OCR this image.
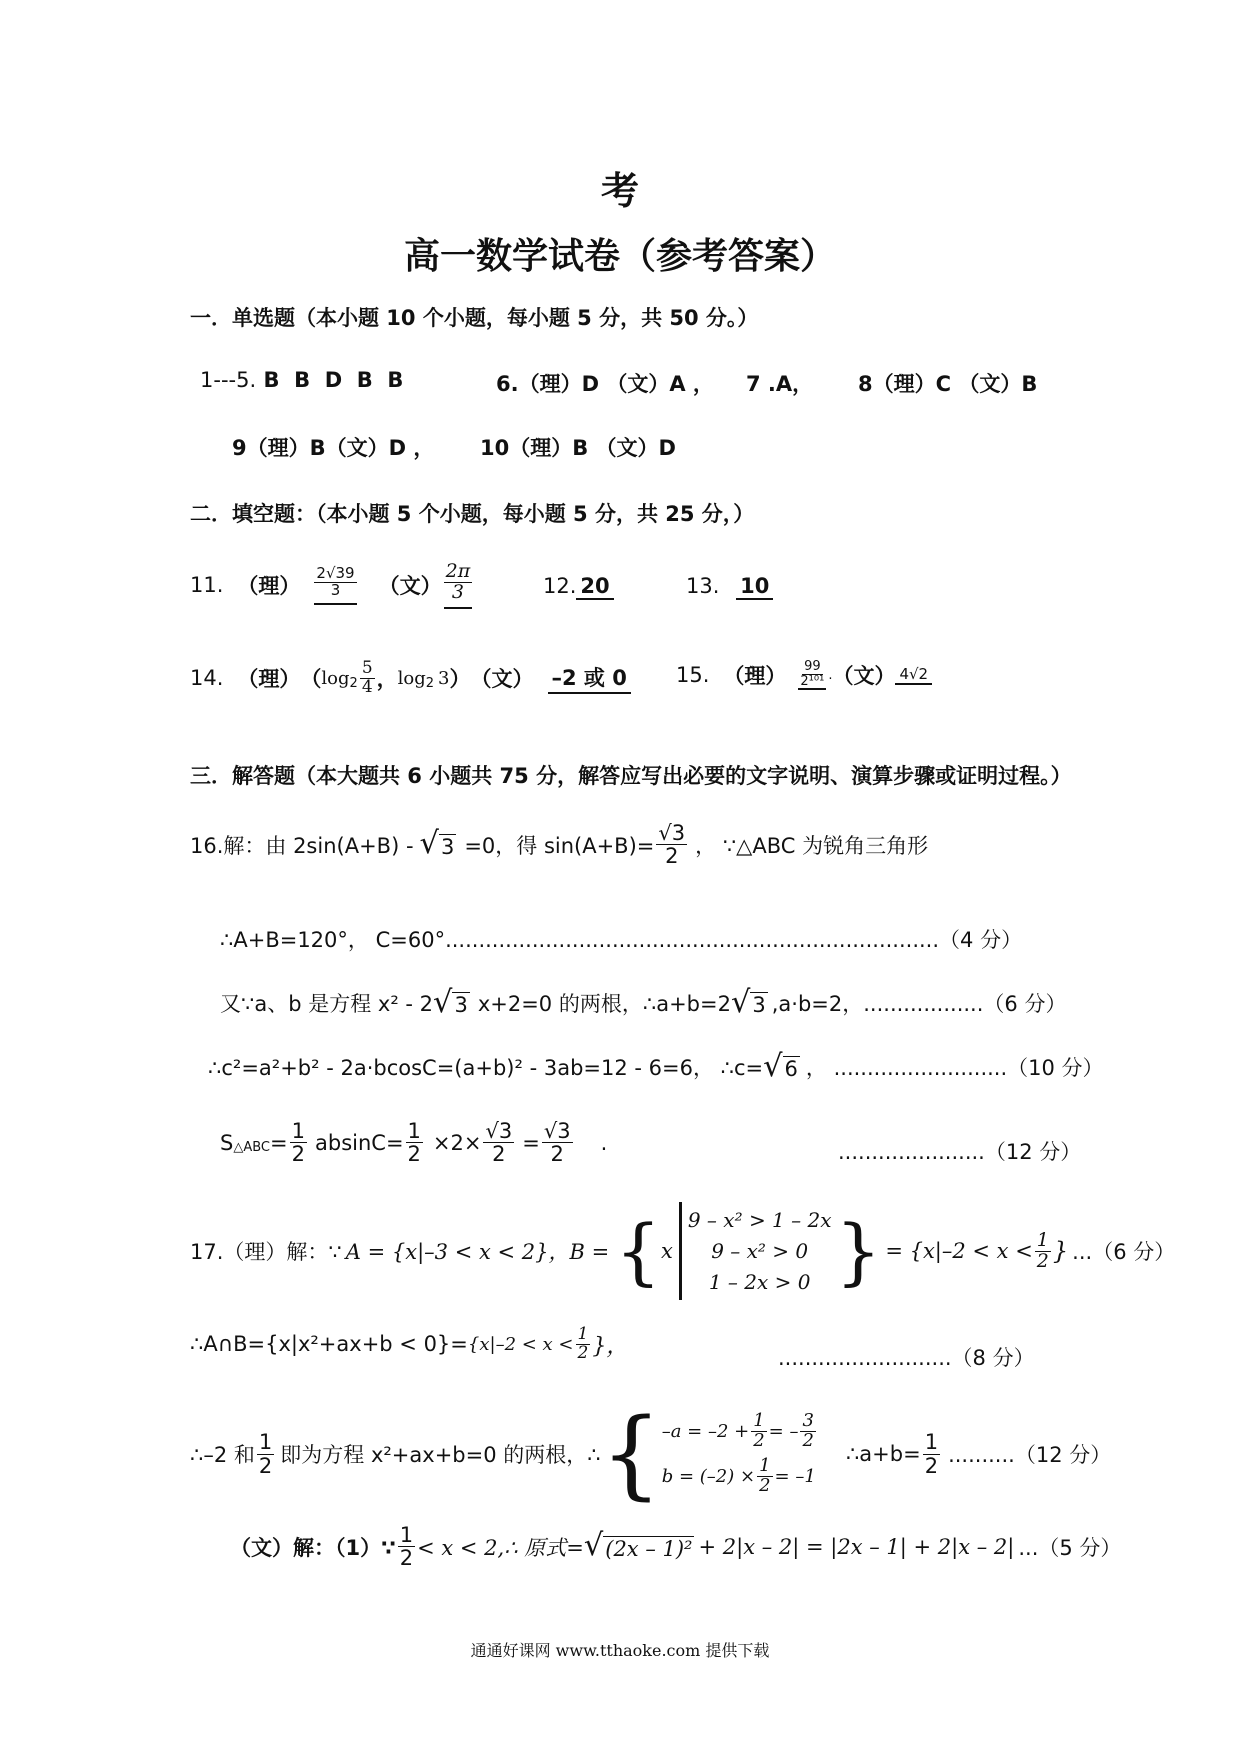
考
高一数学试卷（参考答案）
一．单选题（本小题 10 个小题，每小题 5 分，共 50 分。）
1---5. B  B  D  B  B	6.（理）D （文）A ， 7 .A， 8（理）C （文）B
9（理）B（文）D ， 10（理）B （文）D
二．填空题：（本小题 5 个小题，每小题 5 分，共 25 分，）
11. （理） $\frac{2√39}{3}$ （文） $\frac{2\pi}{3}$	12. 20	13. 10
14. （理） （ $\log 2 \frac{5}{4}$ ， log 2 3 ） （文） –2 或 0 15. （理） $\frac{99}{\text{2¹⁰¹}}$ . （文） 4√2
三．解答题（本大题共 6 小题共 75 分，解答应写出必要的文字说明、演算步骤或证明过程。）
16.解：由 2sin(A+B) - √ 3 =0，得 $\sin(A+B)= \frac{√3}{2}$ ， ∵△ABC 为锐角三角形
∴A+B=120°， C=60°..........................................................................（4 分）
又∵a、b 是方程 x² - 2 √ 3 x+2=0 的两根，∴a+b=2 √ 3 ,a·b=2，..................（6 分）
∴c²=a²+b² - 2a·bcosC=(a+b)² - 3ab=12 - 6=6， ∴c= √ 6 ， ..........................（10 分）
S △ABC = $\frac{1}{2} absinC= \frac{1}{2} \times 2\times \frac{√3}{2} = \frac{√3}{2}$ .	......................（12 分）
17.（理）解：∵ A = {x|–3 < x < 2}，B = { x
9 – x² > 1 – 2x
9 – x² > 0
1 – 2x > 0 } = {$x|-2 < x < \frac{1}{2}$ } ...（6 分）
∴A∩B={x|x²+ax+b < $0\}= \{x|-2 < x < \frac{1}{2}$ }，	..........................（8 分）
∴–2 和 $\frac{1}{2}$ 即为方程 x²+ax+b=0 的两根，∴ { $-a = -2 + \frac{1}{2}$ = – $\frac{3}{2}$
$b = (-2) \times \frac{1}{2} = -1$
∴a+b= $\frac{1}{2} ..........(12$ 分）
（文）解：（1）∵ $\frac{1}{2} < x$ < 2,∴ 原式= √ (2x – 1)² + 2|x – 2| = |2x – 1| + 2|x – 2| ...（5 分）
通通好课网 www.tthaoke.com 提供下载
